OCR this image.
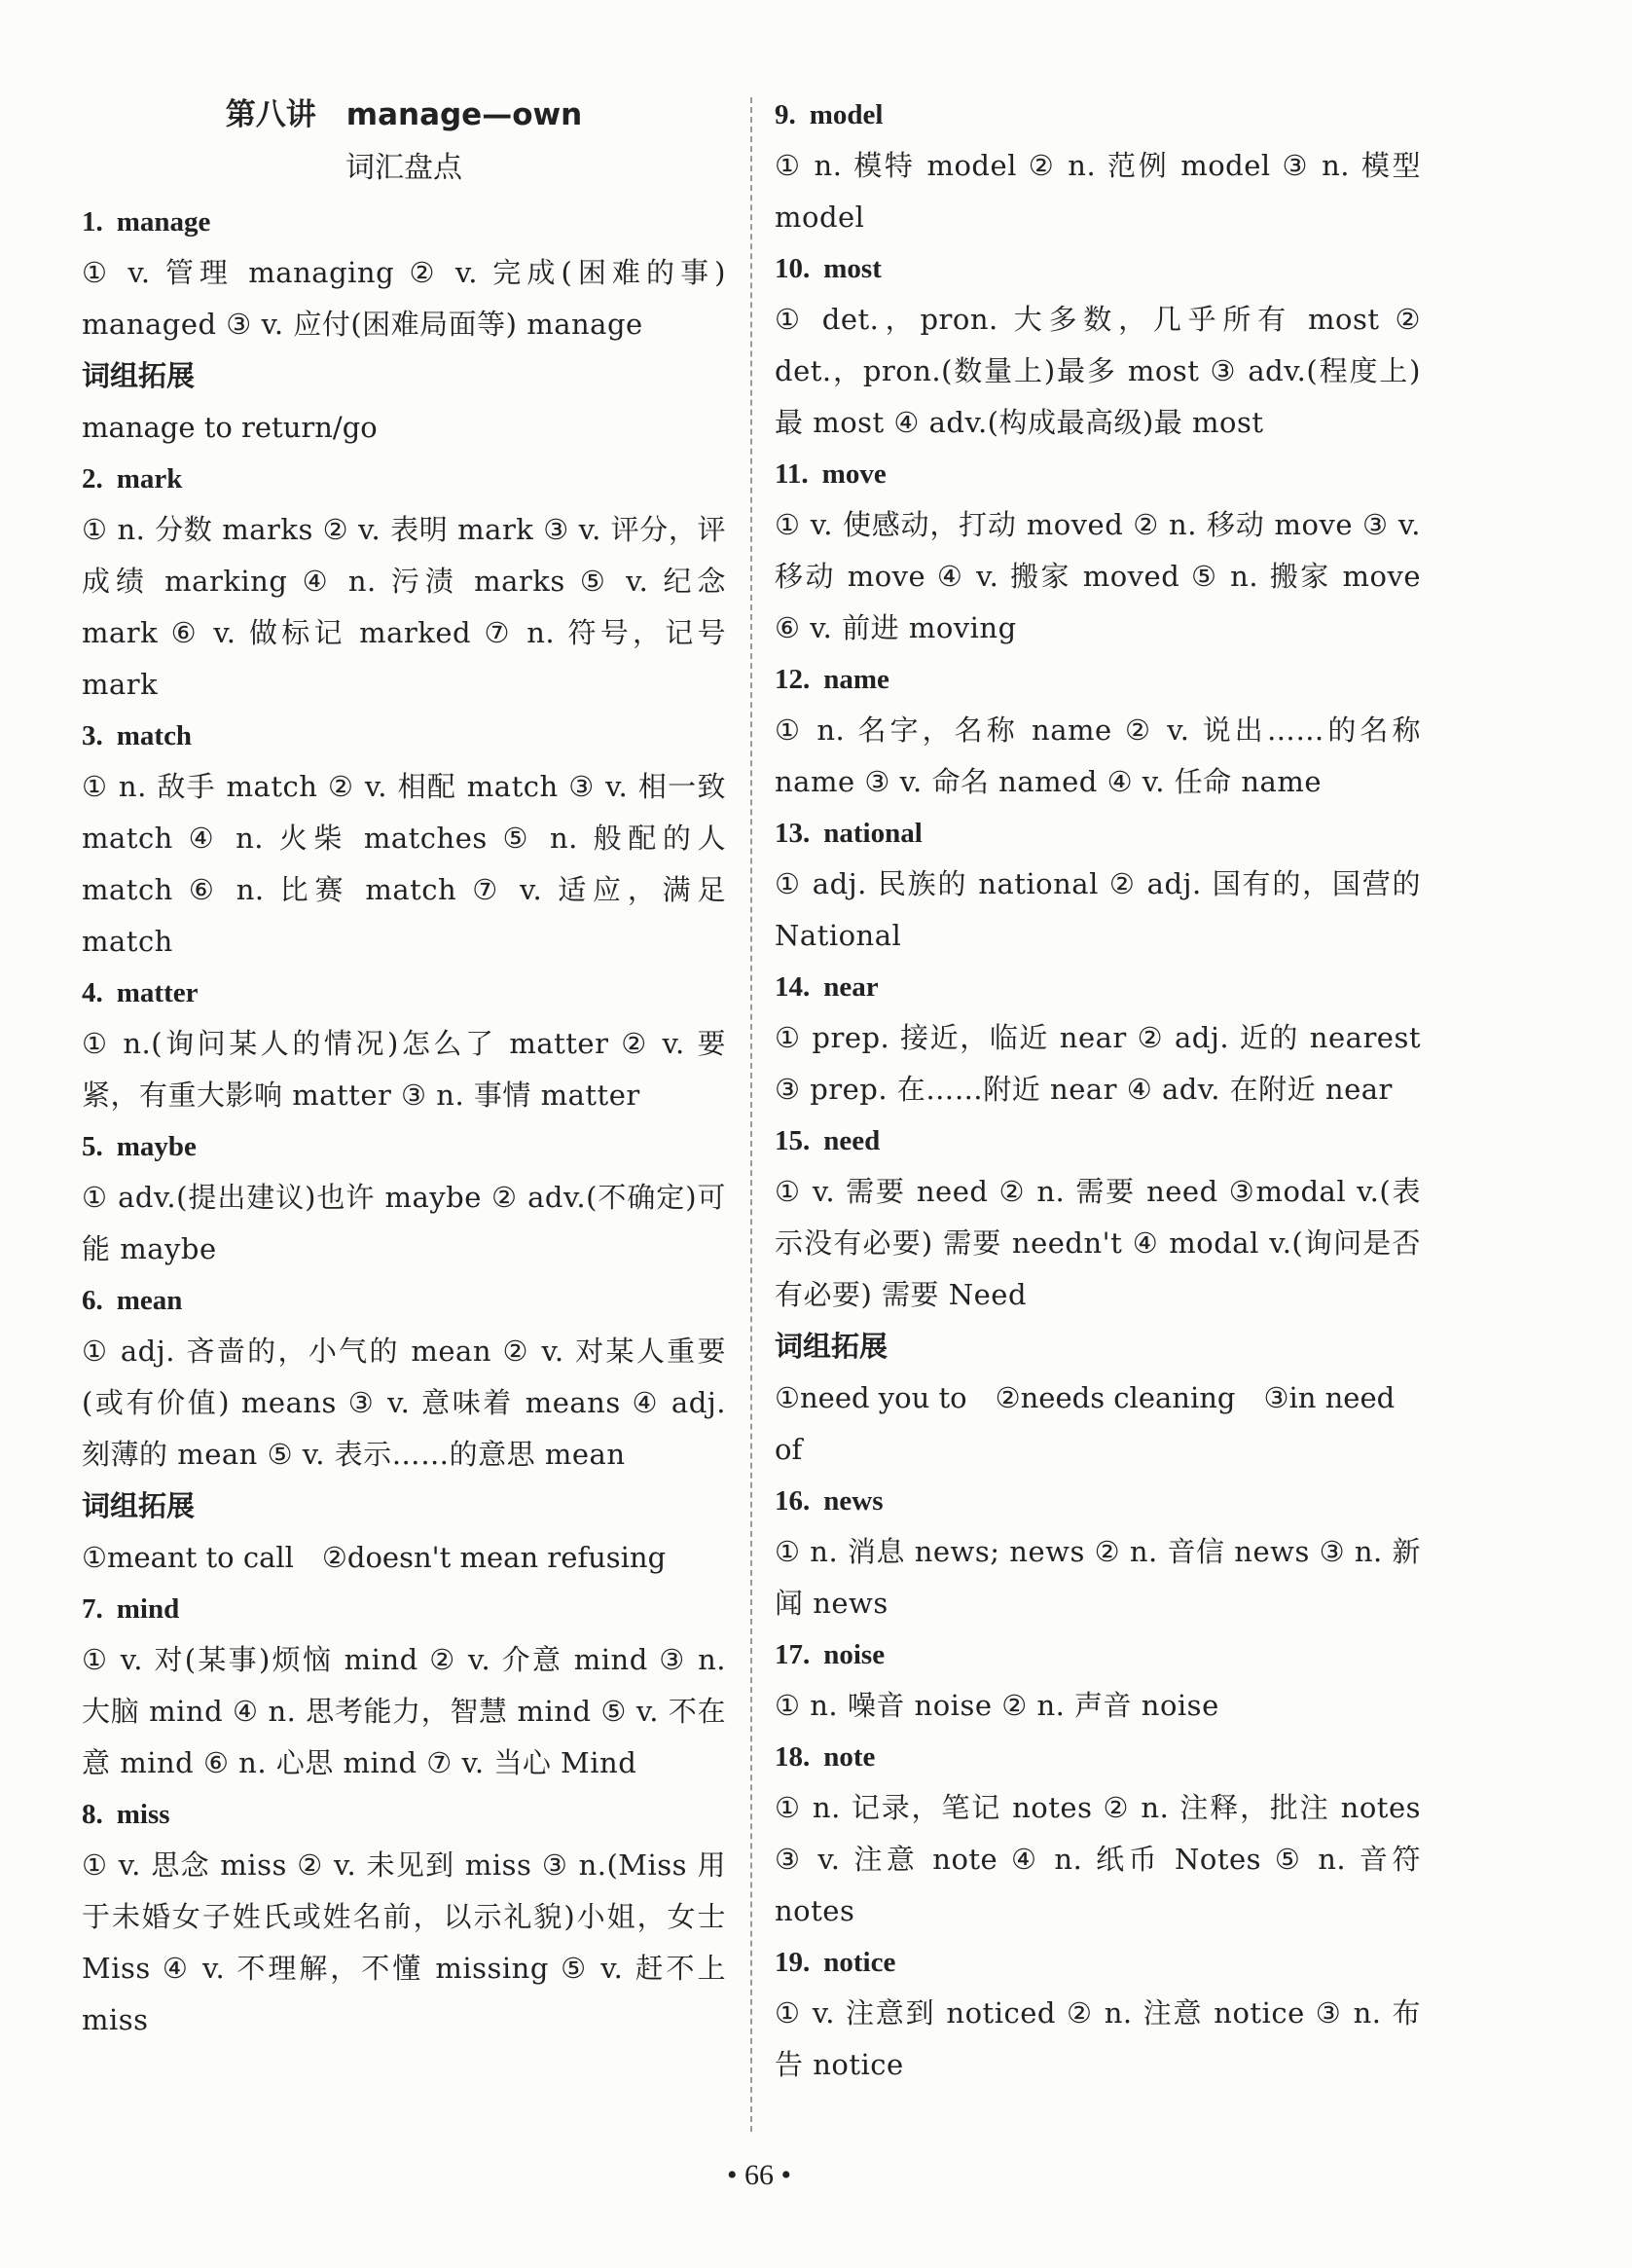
第八讲　manage—own
词汇盘点
1. manage
① v. 管理 managing ② v. 完成(困难的事) managed ③ v. 应付(困难局面等) manage
词组拓展
manage to return/go
2. mark
① n. 分数 marks ② v. 表明 mark ③ v. 评分，评成绩 marking ④ n. 污渍 marks ⑤ v. 纪念 mark ⑥ v. 做标记 marked ⑦ n. 符号，记号 mark
3. match
① n. 敌手 match ② v. 相配 match ③ v. 相一致 match ④ n. 火柴 matches ⑤ n. 般配的人 match ⑥ n. 比赛 match ⑦ v. 适应，满足 match
4. matter
① n.(询问某人的情况)怎么了 matter ② v. 要紧，有重大影响 matter ③ n. 事情 matter
5. maybe
① adv.(提出建议)也许 maybe ② adv.(不确定)可能 maybe
6. mean
① adj. 吝啬的，小气的 mean ② v. 对某人重要(或有价值) means ③ v. 意味着 means ④ adj. 刻薄的 mean ⑤ v. 表示……的意思 mean
词组拓展
①meant to call　②doesn't mean refusing
7. mind
① v. 对(某事)烦恼 mind ② v. 介意 mind ③ n. 大脑 mind ④ n. 思考能力，智慧 mind ⑤ v. 不在意 mind ⑥ n. 心思 mind ⑦ v. 当心 Mind
8. miss
① v. 思念 miss ② v. 未见到 miss ③ n.(Miss 用于未婚女子姓氏或姓名前，以示礼貌)小姐，女士 Miss ④ v. 不理解，不懂 missing ⑤ v. 赶不上 miss
9. model
① n. 模特 model ② n. 范例 model ③ n. 模型 model
10. most
① det.，pron. 大多数，几乎所有 most ② det.，pron.(数量上)最多 most ③ adv.(程度上)最 most ④ adv.(构成最高级)最 most
11. move
① v. 使感动，打动 moved ② n. 移动 move ③ v. 移动 move ④ v. 搬家 moved ⑤ n. 搬家 move ⑥ v. 前进 moving
12. name
① n. 名字，名称 name ② v. 说出……的名称 name ③ v. 命名 named ④ v. 任命 name
13. national
① adj. 民族的 national ② adj. 国有的，国营的 National
14. near
① prep. 接近，临近 near ② adj. 近的 nearest ③ prep. 在……附近 near ④ adv. 在附近 near
15. need
① v. 需要 need ② n. 需要 need ③modal v.(表示没有必要) 需要 needn't ④ modal v.(询问是否有必要) 需要 Need
词组拓展
①need you to　②needs cleaning　③in need of
16. news
① n. 消息 news; news ② n. 音信 news ③ n. 新闻 news
17. noise
① n. 噪音 noise ② n. 声音 noise
18. note
① n. 记录，笔记 notes ② n. 注释，批注 notes ③ v. 注意 note ④ n. 纸币 Notes ⑤ n. 音符 notes
19. notice
① v. 注意到 noticed ② n. 注意 notice ③ n. 布告 notice
• 66 •
